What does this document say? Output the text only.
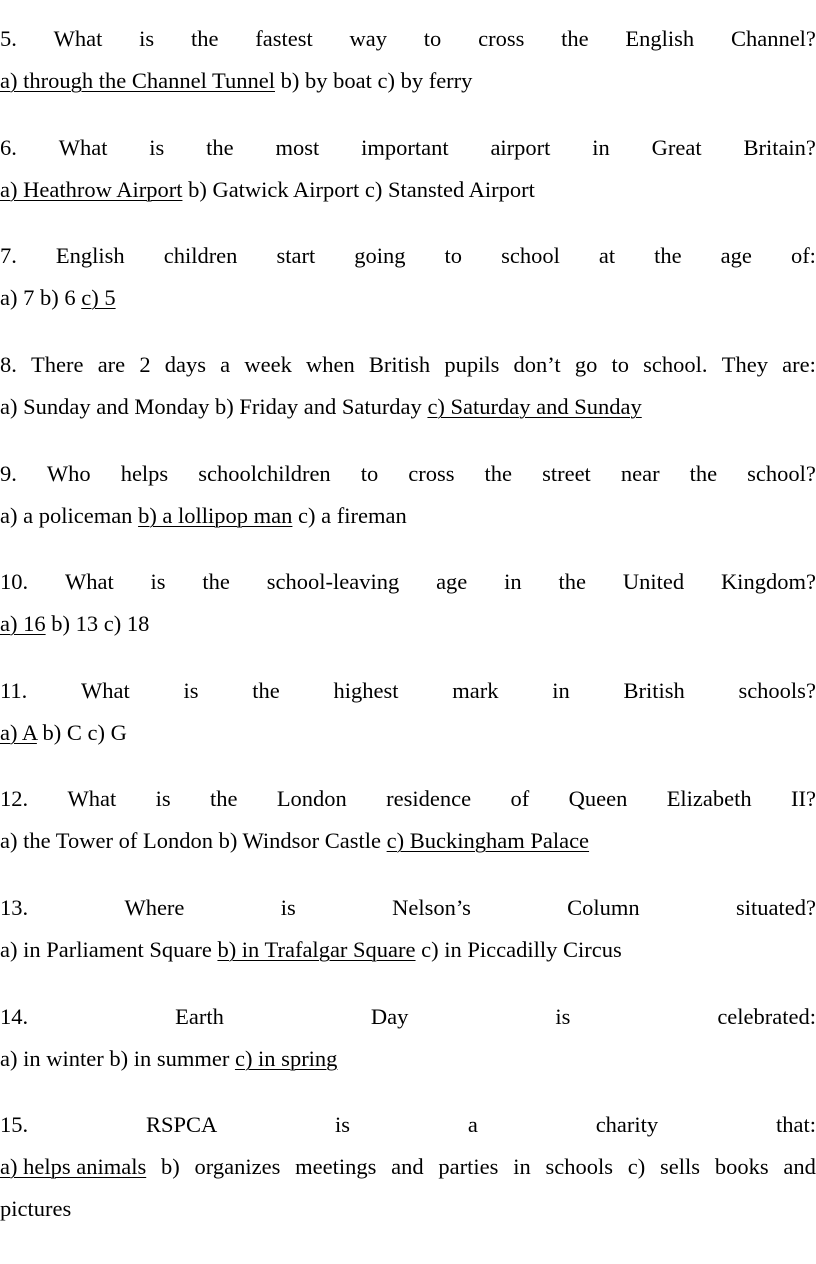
5. What is the fastest way to cross the English Channel?
a) through the Channel Tunnel b) by boat c) by ferry
6. What is the most important airport in Great Britain?
a) Heathrow Airport b) Gatwick Airport c) Stansted Airport
7. English children start going to school at the age of:
a) 7 b) 6 c) 5
8. There are 2 days a week when British pupils don’t go to school. They are:
a) Sunday and Monday b) Friday and Saturday c) Saturday and Sunday
9. Who helps schoolchildren to cross the street near the school?
a) a policeman b) a lollipop man c) a fireman
10. What is the school-leaving age in the United Kingdom?
a) 16 b) 13 c) 18
11. What is the highest mark in British schools?
a) A b) C c) G
12. What is the London residence of Queen Elizabeth II?
a) the Tower of London b) Windsor Castle c) Buckingham Palace
13.	Where	is	Nelson’s	Column	situated?
a) in Parliament Square b) in Trafalgar Square c) in Piccadilly Circus
14.	Earth	Day	is	celebrated:
a) in winter b) in summer c) in spring
15.	RSPCA	is	a	charity	that:
a) helps animals b) organizes meetings and parties in schools c) sells books and
pictures
